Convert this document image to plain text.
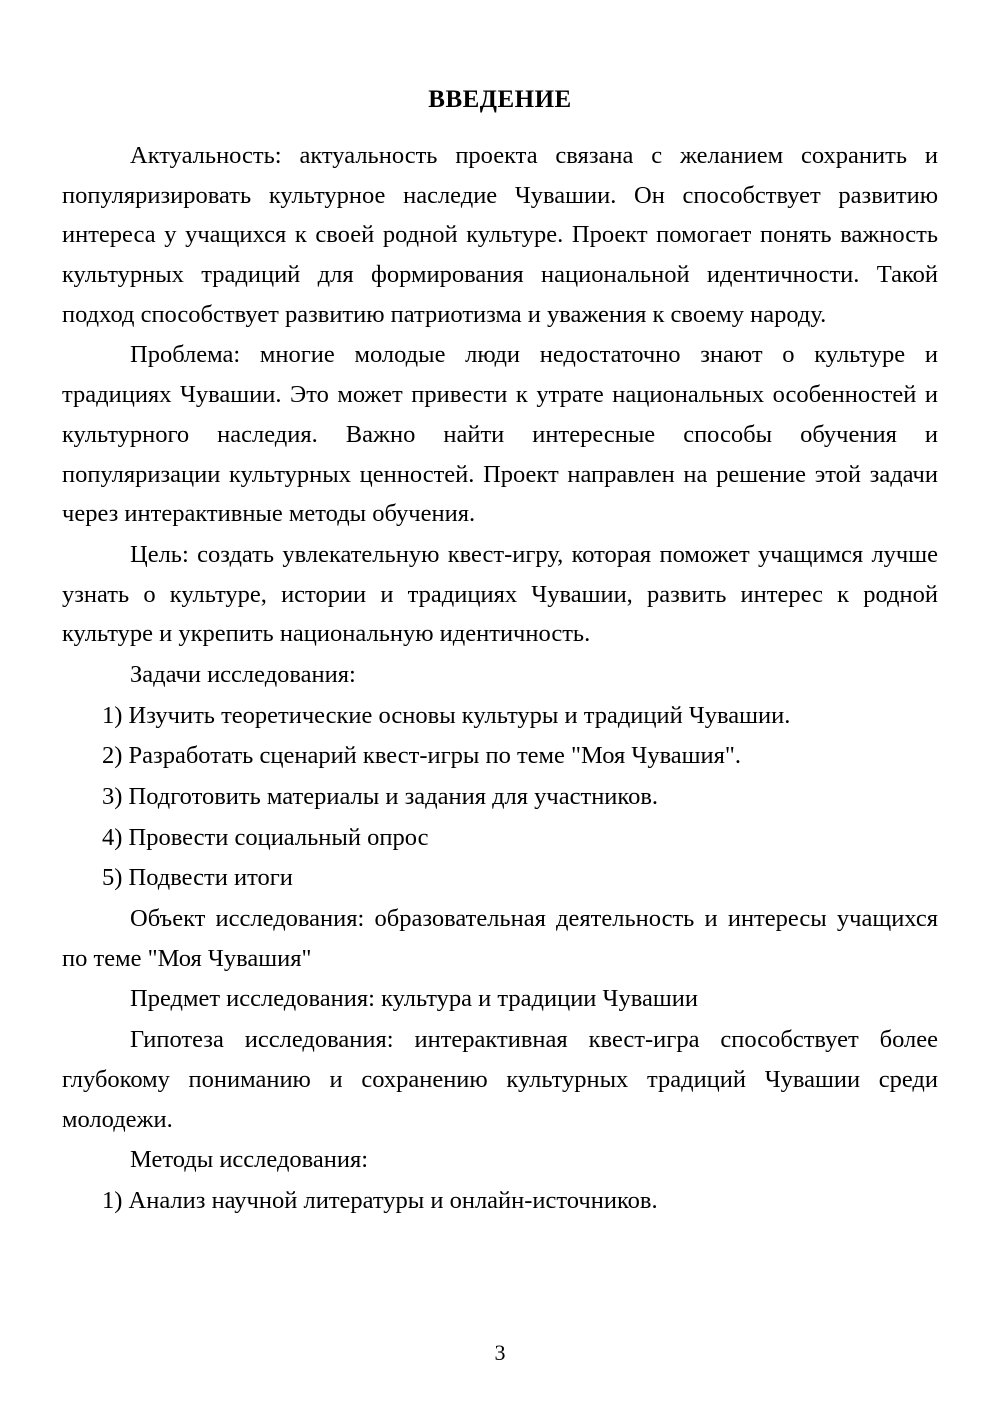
ВВЕДЕНИЕ

Актуальность: актуальность проекта связана с желанием сохранить и популяризировать культурное наследие Чувашии. Он способствует развитию интереса у учащихся к своей родной культуре. Проект помогает понять важность культурных традиций для формирования национальной идентичности. Такой подход способствует развитию патриотизма и уважения к своему народу.

Проблема: многие молодые люди недостаточно знают о культуре и традициях Чувашии. Это может привести к утрате национальных особенностей и культурного наследия. Важно найти интересные способы обучения и популяризации культурных ценностей. Проект направлен на решение этой задачи через интерактивные методы обучения.

Цель: создать увлекательную квест-игру, которая поможет учащимся лучше узнать о культуре, истории и традициях Чувашии, развить интерес к родной культуре и укрепить национальную идентичность.

Задачи исследования:

1) Изучить теоретические основы культуры и традиций Чувашии.

2) Разработать сценарий квест-игры по теме "Моя Чувашия".

3) Подготовить материалы и задания для участников.

4) Провести социальный опрос

5) Подвести итоги

Объект исследования: образовательная деятельность и интересы учащихся по теме "Моя Чувашия"

Предмет исследования: культура и традиции Чувашии

Гипотеза исследования: интерактивная квест-игра способствует более глубокому пониманию и сохранению культурных традиций Чувашии среди молодежи.

Методы исследования:

1) Анализ научной литературы и онлайн-источников.

3
